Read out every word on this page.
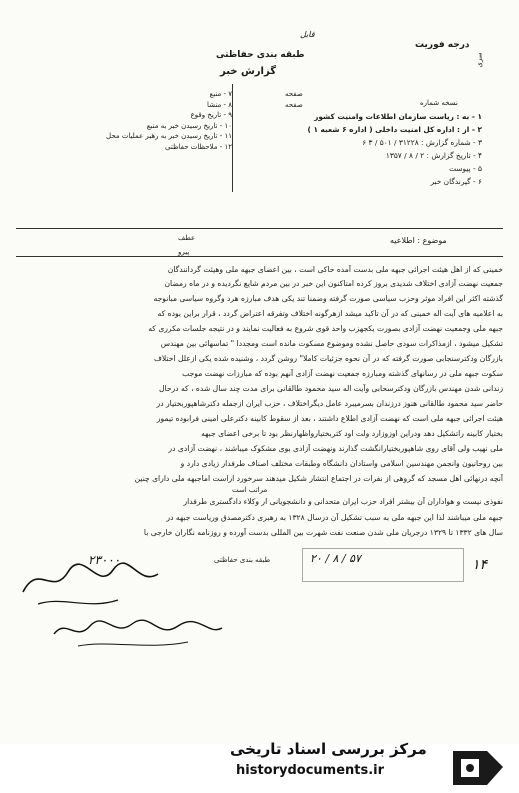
قابل
درجه فوریت
طبقه بندی حفاظتی
گزارش خبر
سری
۷ - منبع
۸ - منشا
۹ - تاریخ وقوع
۱۰ - تاریخ رسیدن خبر به منبع
۱۱ - تاریخ رسیدن خبر به رهبر عملیات محل
۱۲ - ملاحظات حفاظتی
صفحه
صفحه	نسخه شماره
۱ - به : ریاست سازمان اطلاعات وامنیت کشور
۲ - از : اداره کل امنیت داخلی ( اداره ۶ شعبه ۱ )
۳ - شماره گزارش : ۳۱۲۲۸ / ۵۰۱ / ۳ ۶
۴ - تاریخ گزارش : ۲ / ۸ / ۱۳۵۷
۵ - پیوست
۶ - گیرندگان خبر
عطف
پیرو
موضوع : اطلاعیه
خمینی که از اهل هیئت اجرائی جبهه ملی بدست آمده حاکی است ، بین اعضای جبهه ملی وهیئت گردانندگان
جمعیت نهضت آزادی اختلاف شدیدی بروز کرده امتاکنون این خبر در بین مردم شایع نگردیده و در ماه رمضان
گذشته اکثر این افراد موثر وحزب سیاسی صورت گرفته وضمنا تند یکی هدف مبارزه هرد وگروه سیاسی مبانوجه
به اعلامیه های آیت اله خمینی که در آن تاکید میشد ازهرگونه اختلاف وتفرقه اعتراض گردد ، قرار براین بوده که
جبهه ملی وجمعیت نهضت آزادی بصورت یکجهزب واحد قوی شروع به فعالیت نمایند و در نتیجه جلسات مکرری که
تشکیل میشود ، ازمذاکرات سودی حاصل نشده وموضوع مسکوت مانده است ومجددا " تماسهائی بین مهندس
بازرگان ودکترسنجابی صورت گرفته که در آن نحوه جزئیات کاملا" روشن گردد ، وشنیده شده یکی ازعلل اختلاف
سکوت جبهه ملی در رسانهای گذشته ومبارزه جمعیت نهضت آزادی آنهم بوده که مبارزات نهضت موجب
زندانی شدن مهندس بازرگان ودکترسحابی وآیت اله سید محمود طالقانی برای مدت چند سال شده ، که درحال
حاضر سید محمود طالقانی هنوز درزندان بسرمیبرد عامل دیگراختلاف ، حزب ایران ازجمله دکترشاهپوربختیار در
هیئت اجرائی جبهه ملی است که نهضت آزادی اطلاع داشتند ، بعد از سقوط کابینه دکترعلی امینی فرابوده تیمور
بختیار کابینه راتشکیل دهد ودراین اوزوزارد ولت اود کتربختیارواظهارنظر بود تا برخی اعضای جبهه
ملی نهیب ولی آقای روی شاهپوربختیارانگشت گذارند ونهضت آزادی بوی مشکوک میباشند ، نهضت آزادی در
بین روحانیون وانجمن مهندسین اسلامی واستادان دانشگاه وطبقات مختلف اصناف طرفدار زیادی دارد و
آنچه درنهائی اهل مسجد که گروهی از نفرات در اجتماع انتشار شکیل میدهند سرخورد اراست اماجبهه ملی دارای چنین
نفوذی نیست و هواداران آن بیشتر افراد حزب ایران متحدانی و دانشجویانی ار وکلاء دادگستری طرفدار
جبهه ملی میباشند لذا این جبهه ملی به سبب تشکیل آن درسال ۱۳۲۸ به رهبری دکترمصدق وریاست جبهه در
سال های ۱۳۳۲ تا ۱۳۲۹ درجریان ملی شدن صنعت نفت شهرت بین المللی بدست آورده و روزنامه نگاران خارجی با
مراتب است
۲۳۰۰۰	طبقه بندی حفاظتی	۲۰ / ۸ / ۵۷	۱۴
مرکز بررسی اسناد تاریخی
historydocuments.ir
